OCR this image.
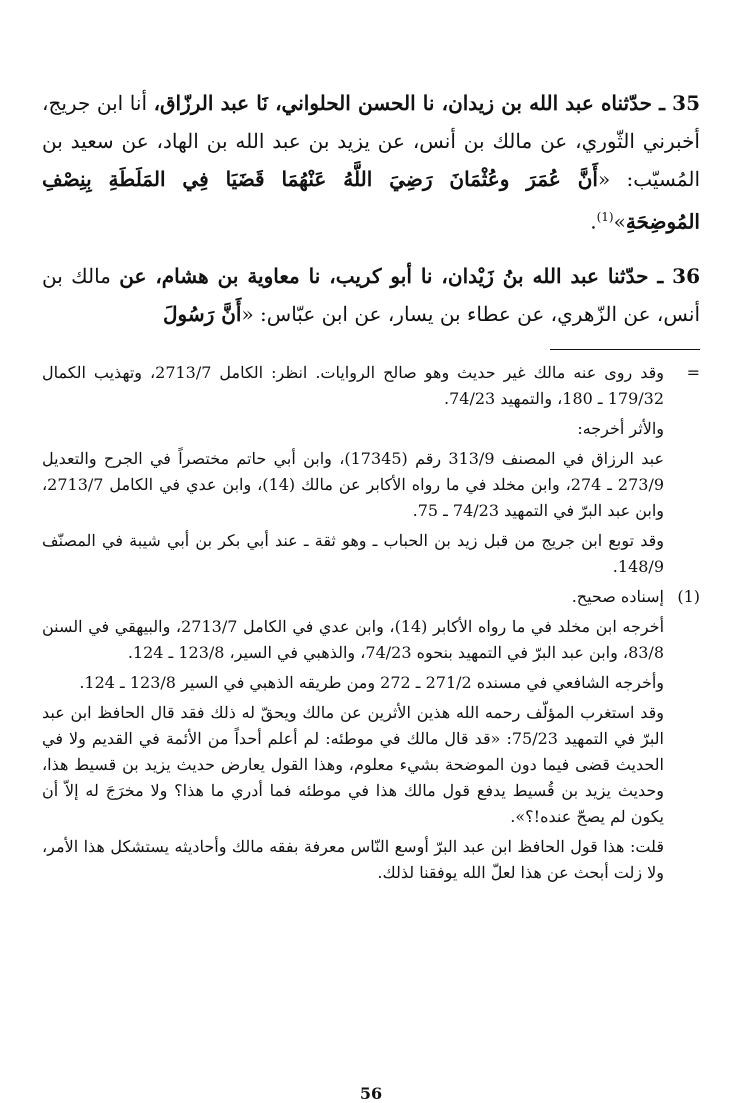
35 ـ حدّثناه عبد الله بن زيدان، نا الحسن الحلواني، نَا عبد الرزّاق، أنا ابن جريج، أخبرني الثّوري، عن مالك بن أنس، عن يزيد بن عبد الله بن الهاد، عن سعيد بن المُسيّب: «أَنَّ عُمَرَ وعُثْمَانَ رَضِيَ اللَّهُ عَنْهُمَا قَضَيَا فِي المَلَطَةِ بِنِصْفِ المُوضِحَةِ»$^{(1)}$.

36 ـ حدّثنا عبد الله بنُ زَيْدان، نا أبو كريب، نا معاوية بن هشام، عن مالك بن أنس، عن الزّهري، عن عطاء بن يسار، عن ابن عبّاس: «أَنَّ رَسُولَ

=

وقد روى عنه مالك غير حديث وهو صالح الروايات. انظر: الكامل 2713/7، وتهذيب الكمال 179/32 ـ 180، والتمهيد 74/23.

والأثر أخرجه:

عبد الرزاق في المصنف 313/9 رقم (17345)، وابن أبي حاتم مختصراً في الجرح والتعديل 273/9 ـ 274، وابن مخلد في ما رواه الأكابر عن مالك (14)، وابن عدي في الكامل 2713/7، وابن عبد البرّ في التمهيد 74/23 ـ 75.

وقد توبع ابن جريج من قبل زيد بن الحباب ـ وهو ثقة ـ عند أبي بكر بن أبي شيبة في المصنّف 148/9.

(1)

إسناده صحيح.

أخرجه ابن مخلد في ما رواه الأكابر (14)، وابن عدي في الكامل 2713/7، والبيهقي في السنن 83/8، وابن عبد البرّ في التمهيد بنحوه 74/23، والذهبي في السير، 123/8 ـ 124.

وأخرجه الشافعي في مسنده 271/2 ـ 272 ومن طريقه الذهبي في السير 123/8 ـ 124.

وقد استغرب المؤلّف رحمه الله هذين الأثرين عن مالك ويحقّ له ذلك فقد قال الحافظ ابن عبد البرّ في التمهيد 75/23: «قد قال مالك في موطئه: لم أعلم أحداً من الأئمة في القديم ولا في الحديث قضى فيما دون الموضحة بشيء معلوم، وهذا القول يعارض حديث يزيد بن قسيط هذا، وحديث يزيد بن قُسيط يدفع قول مالك هذا في موطئه فما أدري ما هذا؟ ولا مخرَجَ له إلاّ أن يكون لم يصحّ عنده!؟».

قلت: هذا قول الحافظ ابن عبد البرّ أوسع النّاس معرفة بفقه مالك وأحاديثه يستشكل هذا الأمر، ولا زلت أبحث عن هذا لعلّ الله يوفقنا لذلك.

56
